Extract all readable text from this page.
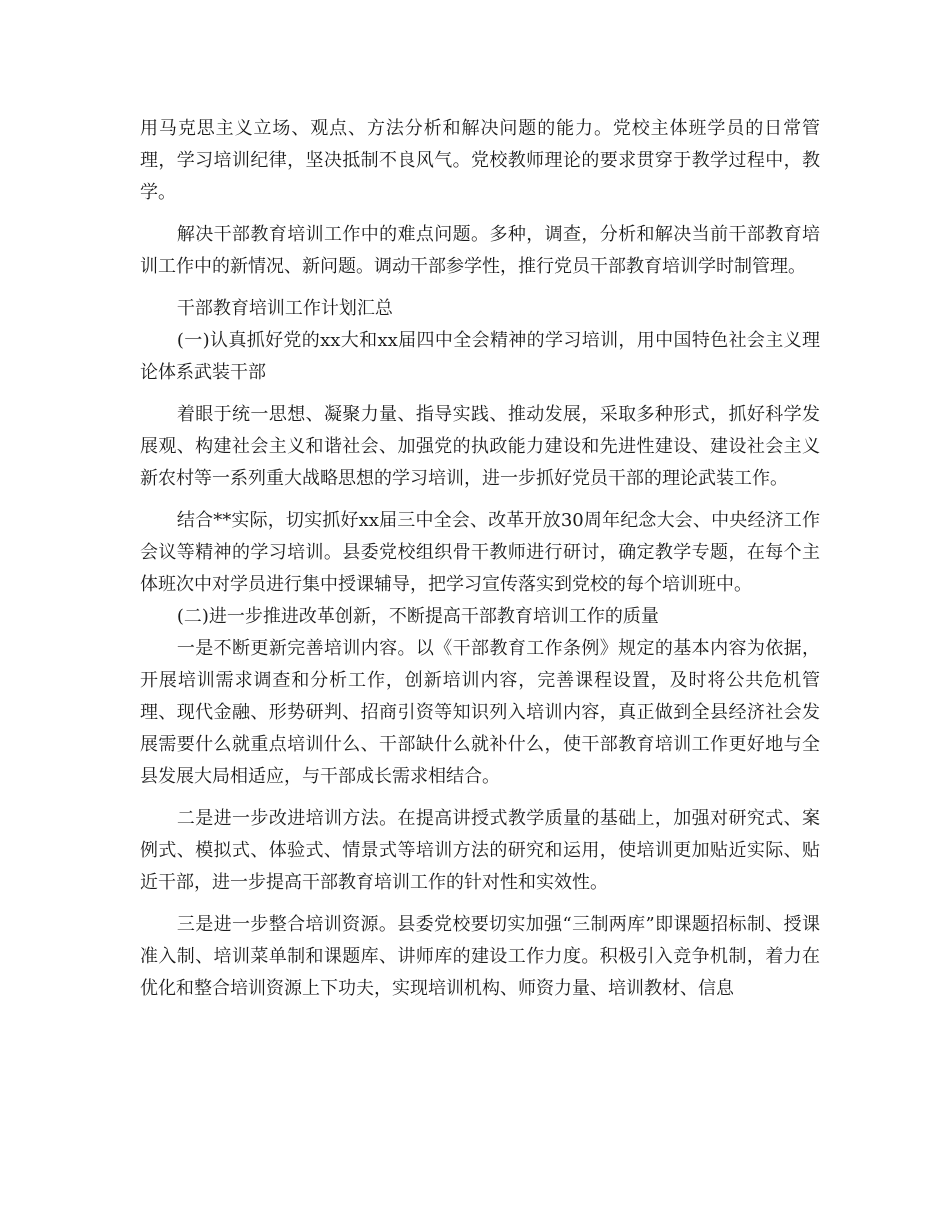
用马克思主义立场、观点、方法分析和解决问题的能力。党校主体班学员的日常管理，学习培训纪律，坚决抵制不良风气。党校教师理论的要求贯穿于教学过程中，教学。

解决干部教育培训工作中的难点问题。多种，调查，分析和解决当前干部教育培训工作中的新情况、新问题。调动干部参学性，推行党员干部教育培训学时制管理。

干部教育培训工作计划汇总

(一)认真抓好党的xx大和xx届四中全会精神的学习培训，用中国特色社会主义理论体系武装干部

着眼于统一思想、凝聚力量、指导实践、推动发展，采取多种形式，抓好科学发展观、构建社会主义和谐社会、加强党的执政能力建设和先进性建设、建设社会主义新农村等一系列重大战略思想的学习培训，进一步抓好党员干部的理论武装工作。

结合**实际，切实抓好xx届三中全会、改革开放30周年纪念大会、中央经济工作会议等精神的学习培训。县委党校组织骨干教师进行研讨，确定教学专题，在每个主体班次中对学员进行集中授课辅导，把学习宣传落实到党校的每个培训班中。

(二)进一步推进改革创新，不断提高干部教育培训工作的质量

一是不断更新完善培训内容。以《干部教育工作条例》规定的基本内容为依据，开展培训需求调查和分析工作，创新培训内容，完善课程设置，及时将公共危机管理、现代金融、形势研判、招商引资等知识列入培训内容，真正做到全县经济社会发展需要什么就重点培训什么、干部缺什么就补什么，使干部教育培训工作更好地与全县发展大局相适应，与干部成长需求相结合。

二是进一步改进培训方法。在提高讲授式教学质量的基础上，加强对研究式、案例式、模拟式、体验式、情景式等培训方法的研究和运用，使培训更加贴近实际、贴近干部，进一步提高干部教育培训工作的针对性和实效性。

三是进一步整合培训资源。县委党校要切实加强“三制两库”即课题招标制、授课准入制、培训菜单制和课题库、讲师库的建设工作力度。积极引入竞争机制，着力在优化和整合培训资源上下功夫，实现培训机构、师资力量、培训教材、信息
